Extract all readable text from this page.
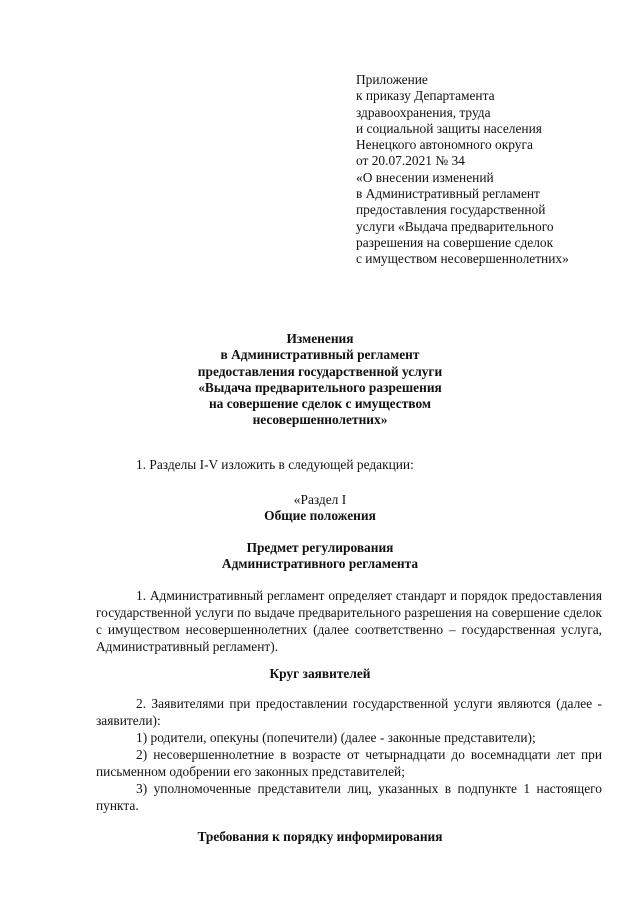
Приложение
к приказу Департамента
здравоохранения, труда
и социальной защиты населения
Ненецкого автономного округа
от 20.07.2021 № 34
«О внесении изменений
в Административный регламент
предоставления государственной
услуги «Выдача предварительного
разрешения на совершение сделок
с имуществом несовершеннолетних»
Изменения
в Административный регламент
предоставления государственной услуги
«Выдача предварительного разрешения
на совершение сделок с имуществом
несовершеннолетних»
1. Разделы I-V изложить в следующей редакции:
«Раздел I
Общие положения
Предмет регулирования
Административного регламента

1. Административный регламент определяет стандарт и порядок предоставления государственной услуги по выдаче предварительного разрешения на совершение сделок с имуществом несовершеннолетних (далее соответственно – государственная услуга, Административный регламент).

Круг заявителей

2. Заявителями при предоставлении государственной услуги являются (далее - заявители):

1) родители, опекуны (попечители) (далее - законные представители);

2) несовершеннолетние в возрасте от четырнадцати до восемнадцати лет при письменном одобрении его законных представителей;

3) уполномоченные представители лиц, указанных в подпункте 1 настоящего пункта.

Требования к порядку информирования
